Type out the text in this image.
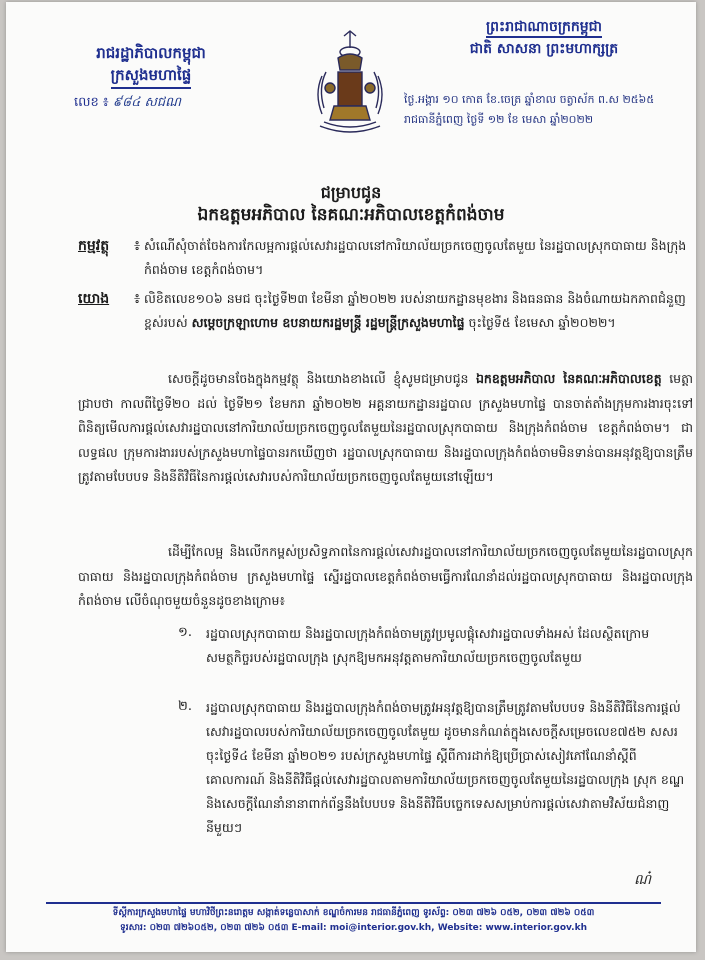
រាជរដ្ឋាភិបាលកម្ពុជា
ក្រសួងមហាផ្ទៃ
លេខ ៖ ៩៨៤ សជណ
ព្រះរាជាណាចក្រកម្ពុជា
ជាតិ សាសនា ព្រះមហាក្សត្រ
ថ្ងៃ.អង្គារ ១០ កោត ខែ.ចេត្រ ឆ្នាំខាល ចត្វាស័ក ព.ស ២៥៦៥
រាជធានីភ្នំពេញ ថ្ងៃទី ១២ ខែ មេសា ឆ្នាំ២០២២
ជម្រាបជូន
ឯកឧត្តមអភិបាល នៃគណៈអភិបាលខេត្តកំពង់ចាម
កម្មវត្ថុ ៖ សំណើសុំចាត់ចែងការកែលម្អការផ្ដល់សេវារដ្ឋបាលនៅការិយាល័យច្រកចេញចូលតែមួយ នៃរដ្ឋបាលស្រុកបាធាយ និងក្រុងកំពង់ចាម ខេត្តកំពង់ចាម។
យោង ៖ លិខិតលេខ១០៦ នមជ ចុះថ្ងៃទី២៣ ខែមីនា ឆ្នាំ២០២២ របស់នាយកដ្ឋានមុខងារ និងធនធាន និងចំណាយឯកភាពជំនួញខ្ពស់របស់ សម្ដេចក្រឡាហោម ឧបនាយករដ្ឋមន្ត្រី រដ្ឋមន្ត្រីក្រសួងមហាផ្ទៃ ចុះថ្ងៃទី៥ ខែមេសា ឆ្នាំ២០២២។
សេចក្ដីដូចមានចែងក្នុងកម្មវត្ថុ និងយោងខាងលើ ខ្ញុំសូមជម្រាបជូន ឯកឧត្តមអភិបាល នៃគណៈអភិបាលខេត្ត មេត្តាជ្រាបថា កាលពីថ្ងៃទី២០ ដល់ ថ្ងៃទី២១ ខែមករា ឆ្នាំ២០២២ អគ្គនាយកដ្ឋានរដ្ឋបាល ក្រសួងមហាផ្ទៃ បានចាត់តាំងក្រុមការងារចុះទៅពិនិត្យមើលការផ្ដល់សេវារដ្ឋបាលនៅការិយាល័យច្រកចេញចូលតែមួយនៃរដ្ឋបាលស្រុកបាធាយ និងក្រុងកំពង់ចាម ខេត្តកំពង់ចាម។ ជាលទ្ធផល ក្រុមការងាររបស់ក្រសួងមហាផ្ទៃបានរកឃើញថា រដ្ឋបាលស្រុកបាធាយ និងរដ្ឋបាលក្រុងកំពង់ចាមមិនទាន់បានអនុវត្តឱ្យបានត្រឹមត្រូវតាមបែបបទ និងនីតិវិធីនៃការផ្ដល់សេវារបស់ការិយាល័យច្រកចេញចូលតែមួយនៅឡើយ។
ដើម្បីកែលម្អ និងលើកកម្ពស់ប្រសិទ្ធភាពនៃការផ្ដល់សេវារដ្ឋបាលនៅការិយាល័យច្រកចេញចូលតែមួយនៃរដ្ឋបាលស្រុកបាធាយ និងរដ្ឋបាលក្រុងកំពង់ចាម ក្រសួងមហាផ្ទៃ ស្នើរដ្ឋបាលខេត្តកំពង់ចាមធ្វើការណែនាំដល់រដ្ឋបាលស្រុកបាធាយ និងរដ្ឋបាលក្រុងកំពង់ចាម លើចំណុចមួយចំនួនដូចខាងក្រោម៖
១. រដ្ឋបាលស្រុកបាធាយ និងរដ្ឋបាលក្រុងកំពង់ចាមត្រូវប្រមូលផ្ដុំសេវារដ្ឋបាលទាំងអស់ ដែលស្ថិតក្រោមសមត្ថកិច្ចរបស់រដ្ឋបាលក្រុង ស្រុកឱ្យមកអនុវត្តតាមការិយាល័យច្រកចេញចូលតែមួយ
២. រដ្ឋបាលស្រុកបាធាយ និងរដ្ឋបាលក្រុងកំពង់ចាមត្រូវអនុវត្តឱ្យបានត្រឹមត្រូវតាមបែបបទ និងនីតិវិធីនៃការផ្ដល់សេវារដ្ឋបាលរបស់ការិយាល័យច្រកចេញចូលតែមួយ ដូចមានកំណត់ក្នុងសេចក្ដីសម្រេចលេខ៧៥២ សសរ ចុះថ្ងៃទី៤ ខែមីនា ឆ្នាំ២០២១ របស់ក្រសួងមហាផ្ទៃ ស្ដីពីការដាក់ឱ្យប្រើប្រាស់សៀវភៅណែនាំស្ដីពីគោលការណ៍ និងនីតិវិធីផ្ដល់សេវារដ្ឋបាលតាមការិយាល័យច្រកចេញចូលតែមួយនៃរដ្ឋបាលក្រុង ស្រុក ខណ្ឌ និងសេចក្ដីណែនាំនានាពាក់ព័ន្ធនឹងបែបបទ និងនីតិវិធីបច្ចេកទេសសម្រាប់ការផ្ដល់សេវាតាមវិស័យជំនាញនីមួយៗ
ណ៎
ទីស្ដីការក្រសួងមហាផ្ទៃ មហាវិថីព្រះនរោត្តម សង្កាត់ទន្លេបាសាក់ ខណ្ឌចំការមន រាជធានីភ្នំពេញ ទូរស័ព្ទ: ០២៣ ៧២៦ ០៥២, ០២៣ ៧២៦ ០៥៣
ទូរសារ: ០២៣ ៧២៦០៥២, ០២៣ ៧២៦ ០៥៣ E-mail: moi@interior.gov.kh, Website: www.interior.gov.kh
